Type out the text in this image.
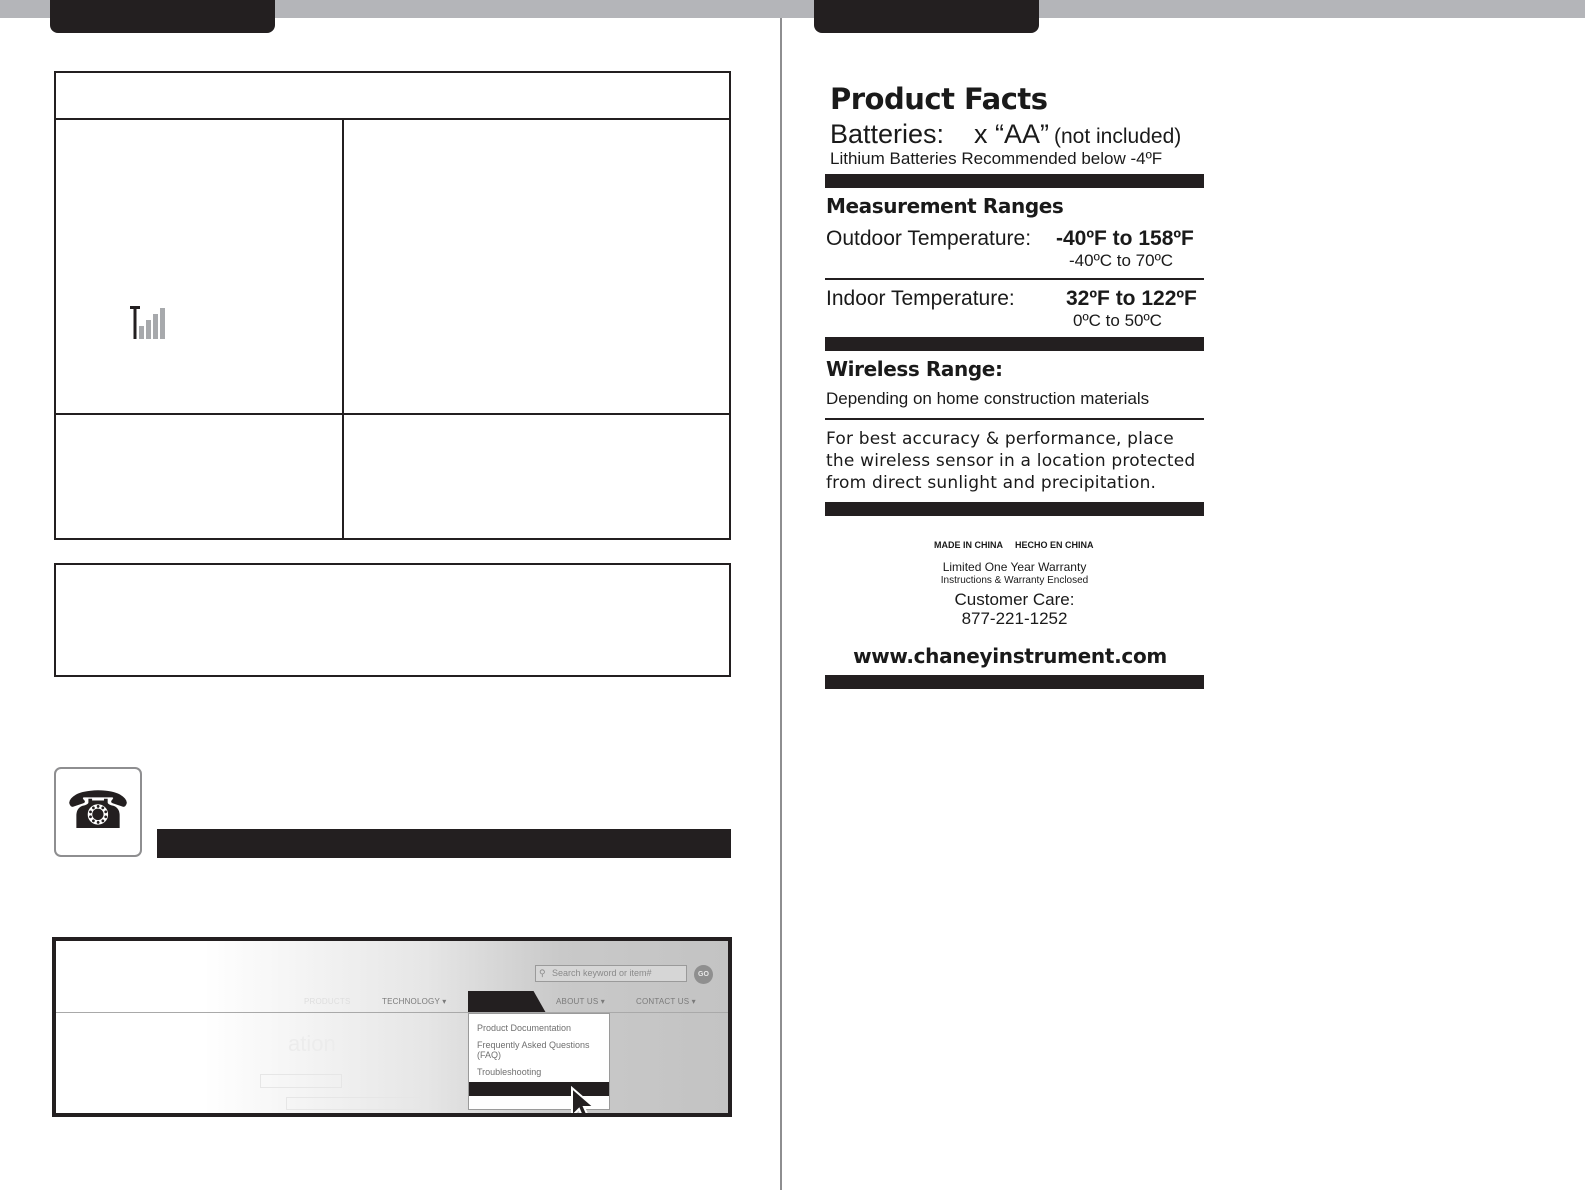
☎
⚲ Search keyword or item#	GO
PRODUCTS	TECHNOLOGY ▾	ABOUT US ▾	CONTACT US ▾
ation
Product Documentation
Frequently Asked Questions (FAQ)
Troubleshooting
Product Facts
Batteries: x “AA” (not included)
Lithium Batteries Recommended below -4ºF
Measurement Ranges
Outdoor Temperature: -40ºF to 158ºF
-40ºC to 70ºC
Indoor Temperature: 32ºF to 122ºF
0ºC to 50ºC
Wireless Range:
Depending on home construction materials
For best accuracy & performance, place
the wireless sensor in a location protected
from direct sunlight and precipitation.
MADE IN CHINA HECHO EN CHINA
Limited One Year Warranty
Instructions & Warranty Enclosed
Customer Care:
877-221-1252
www.chaneyinstrument.com
